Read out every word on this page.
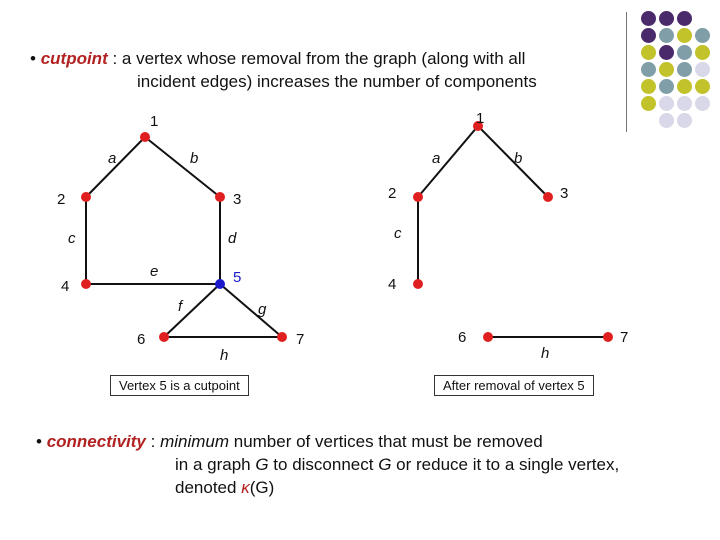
• cutpoint : a vertex whose removal from the graph (along with all
incident edges) increases the number of components
1
2	3
4
5
6	7
a	b
c	d
e
f	g
h
1
2	3
4
6	7
a	b
c
h
Vertex 5 is a cutpoint	After removal of vertex 5
• connectivity : minimum number of vertices that must be removed
in a graph G to disconnect G or reduce it to a single vertex,
denoted κ(G)
